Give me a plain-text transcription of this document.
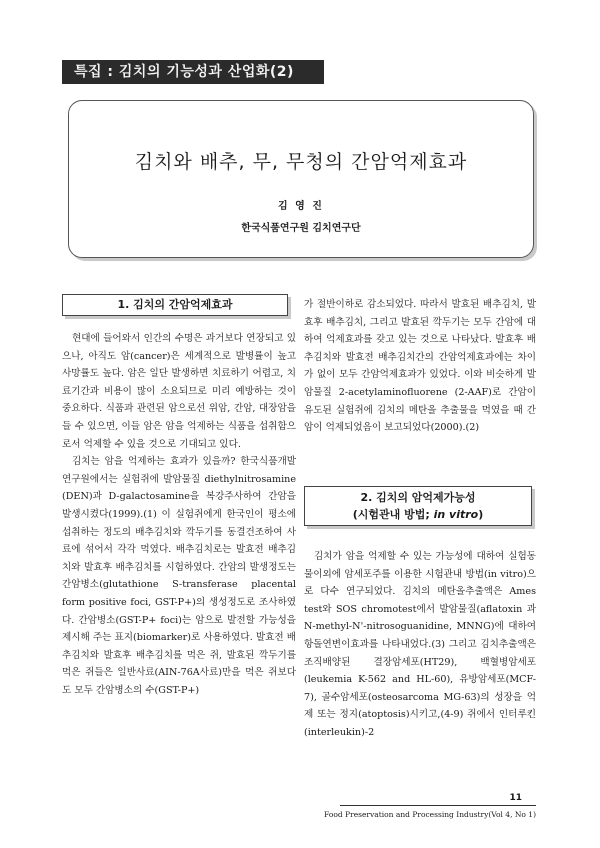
특집 : 김치의 기능성과 산업화(2)
김치와 배추, 무, 무청의 간암억제효과
김 영 진
한국식품연구원 김치연구단
1. 김치의 간암억제효과

현대에 들어와서 인간의 수명은 과거보다 연장되고 있으나, 아직도 암(cancer)은 세계적으로 발병률이 높고 사망률도 높다. 암은 일단 발생하면 치료하기 어렵고, 치료기간과 비용이 많이 소요되므로 미리 예방하는 것이 중요하다. 식품과 관련된 암으로선 위암, 간암, 대장암을 들 수 있으면, 이들 암은 암을 억제하는 식품을 섭취함으로서 억제할 수 있을 것으로 기대되고 있다.

김치는 암을 억제하는 효과가 있을까? 한국식품개발연구원에서는 실험쥐에 발암물질 diethylnitrosamine (DEN)과 D-galactosamine을 복강주사하여 간암을 발생시켰다(1999).(1) 이 실험쥐에게 한국인이 평소에 섭취하는 정도의 배추김치와 깍두기를 동결건조하여 사료에 섞어서 각각 먹였다. 배추김치로는 발효전 배추김치와 발효후 배추김치를 시험하였다. 간암의 발생정도는 간암병소(glutathione S-transferase placental form positive foci, GST-P+)의 생성정도로 조사하였다. 간암병소(GST-P+ foci)는 암으로 발전할 가능성을 제시해 주는 표지(biomarker)로 사용하였다. 발효전 배추김치와 발효후 배추김치를 먹은 쥐, 발효된 깍두기를 먹은 쥐들은 일반사료(AIN-76A사료)만을 먹은 쥐보다도 모두 간암병소의 수(GST-P+)

가 절반이하로 감소되었다. 따라서 발효된 배추김치, 발효후 배추김치, 그리고 발효된 깍두기는 모두 간암에 대하여 억제효과를 갖고 있는 것으로 나타났다. 발효후 배추김치와 발효전 배추김치간의 간암억제효과에는 차이가 없이 모두 간암억제효과가 있었다. 이와 비슷하게 발암물질 2-acetylaminofluorene (2-AAF)로 간암이 유도된 실험쥐에 김치의 메탄올 추출물을 먹였을 때 간암이 억제되었음이 보고되었다(2000).(2)

2. 김치의 암억제가능성
(시험관내 방법; in vitro)

김치가 암을 억제할 수 있는 가능성에 대하여 실험동물이외에 암세포주를 이용한 시험관내 방법(in vitro)으로 다수 연구되었다. 김치의 메탄올추출액은 Ames test와 SOS chromotest에서 발암물질(aflatoxin 과 N-methyl-N'-nitrosoguanidine, MNNG)에 대하여 항돌연변이효과를 나타내었다.(3) 그리고 김치추출액은 조직배양된 결장암세포(HT29), 백혈병암세포(leukemia K-562 and HL-60), 유방암세포(MCF-7), 골수암세포(osteosarcoma MG-63)의 성장을 억제 또는 정지(atoptosis)시키고,(4-9) 쥐에서 인터루킨(interleukin)-2

11
Food Preservation and Processing Industry(Vol 4, No 1)
